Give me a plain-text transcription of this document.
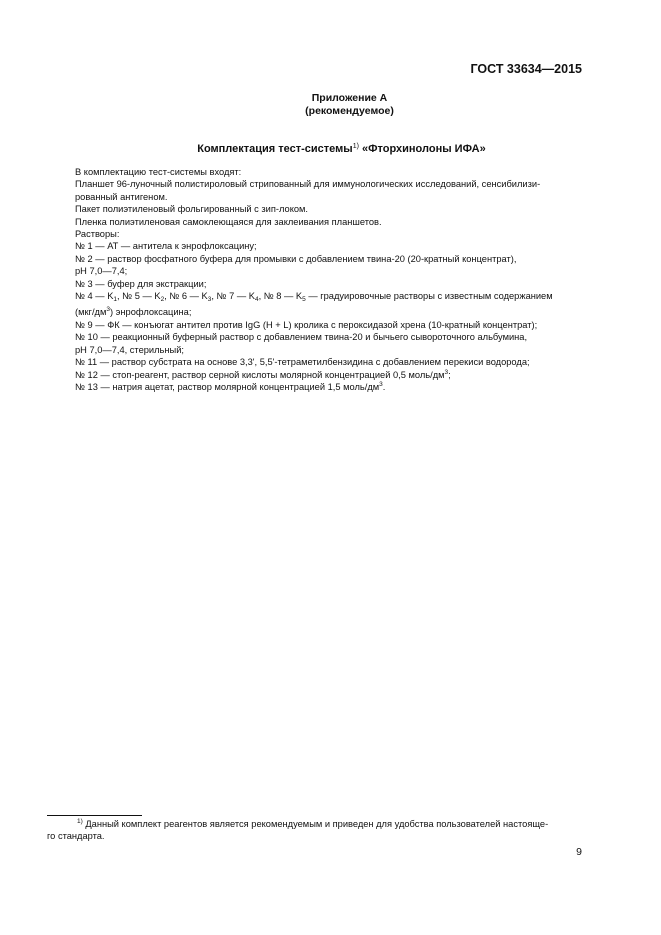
ГОСТ 33634—2015
Приложение А
(рекомендуемое)
Комплектация тест-системы$^{1)}$ «Фторхинолоны ИФА»
В комплектацию тест-системы входят:
Планшет 96-луночный полистироловый стрипованный для иммунологических исследований, сенсибилизи-
рованный антигеном.
Пакет полиэтиленовый фольгированный с зип-локом.
Пленка полиэтиленовая самоклеющаяся для заклеивания планшетов.
Растворы:
№ 1 — АТ — антитела к энрофлоксацину;
№ 2 — раствор фосфатного буфера для промывки с добавлением твина-20 (20-кратный концентрат),
pH 7,0—7,4;
№ 3 — буфер для экстракции;
№ 4 — $K_1$, № 5 — $K_2$, № 6 — $K_3$, № 7 — $K_4$, № 8 — $K_5$ — градуировочные растворы с известным содержанием
$(мкг/дм^3)$ энрофлоксацина;
№ 9 — ФК — конъюгат антител против IgG (H + L) кролика с пероксидазой хрена (10-кратный концентрат);
№ 10 — реакционный буферный раствор с добавлением твина-20 и бычьего сывороточного альбумина,
pH 7,0—7,4, стерильный;
№ 11 — раствор субстрата на основе 3,3', 5,5'-тетраметилбензидина с добавлением перекиси водорода;
№ 12 — стоп-реагент, раствор серной кислоты молярной концентрацией 0,5 моль/$дм^3$;
№ 13 — натрия ацетат, раствор молярной концентрацией 1,5 моль/$дм^3$.
$^{1)}$ Данный комплект реагентов является рекомендуемым и приведен для удобства пользователей настояще-
го стандарта.
9
